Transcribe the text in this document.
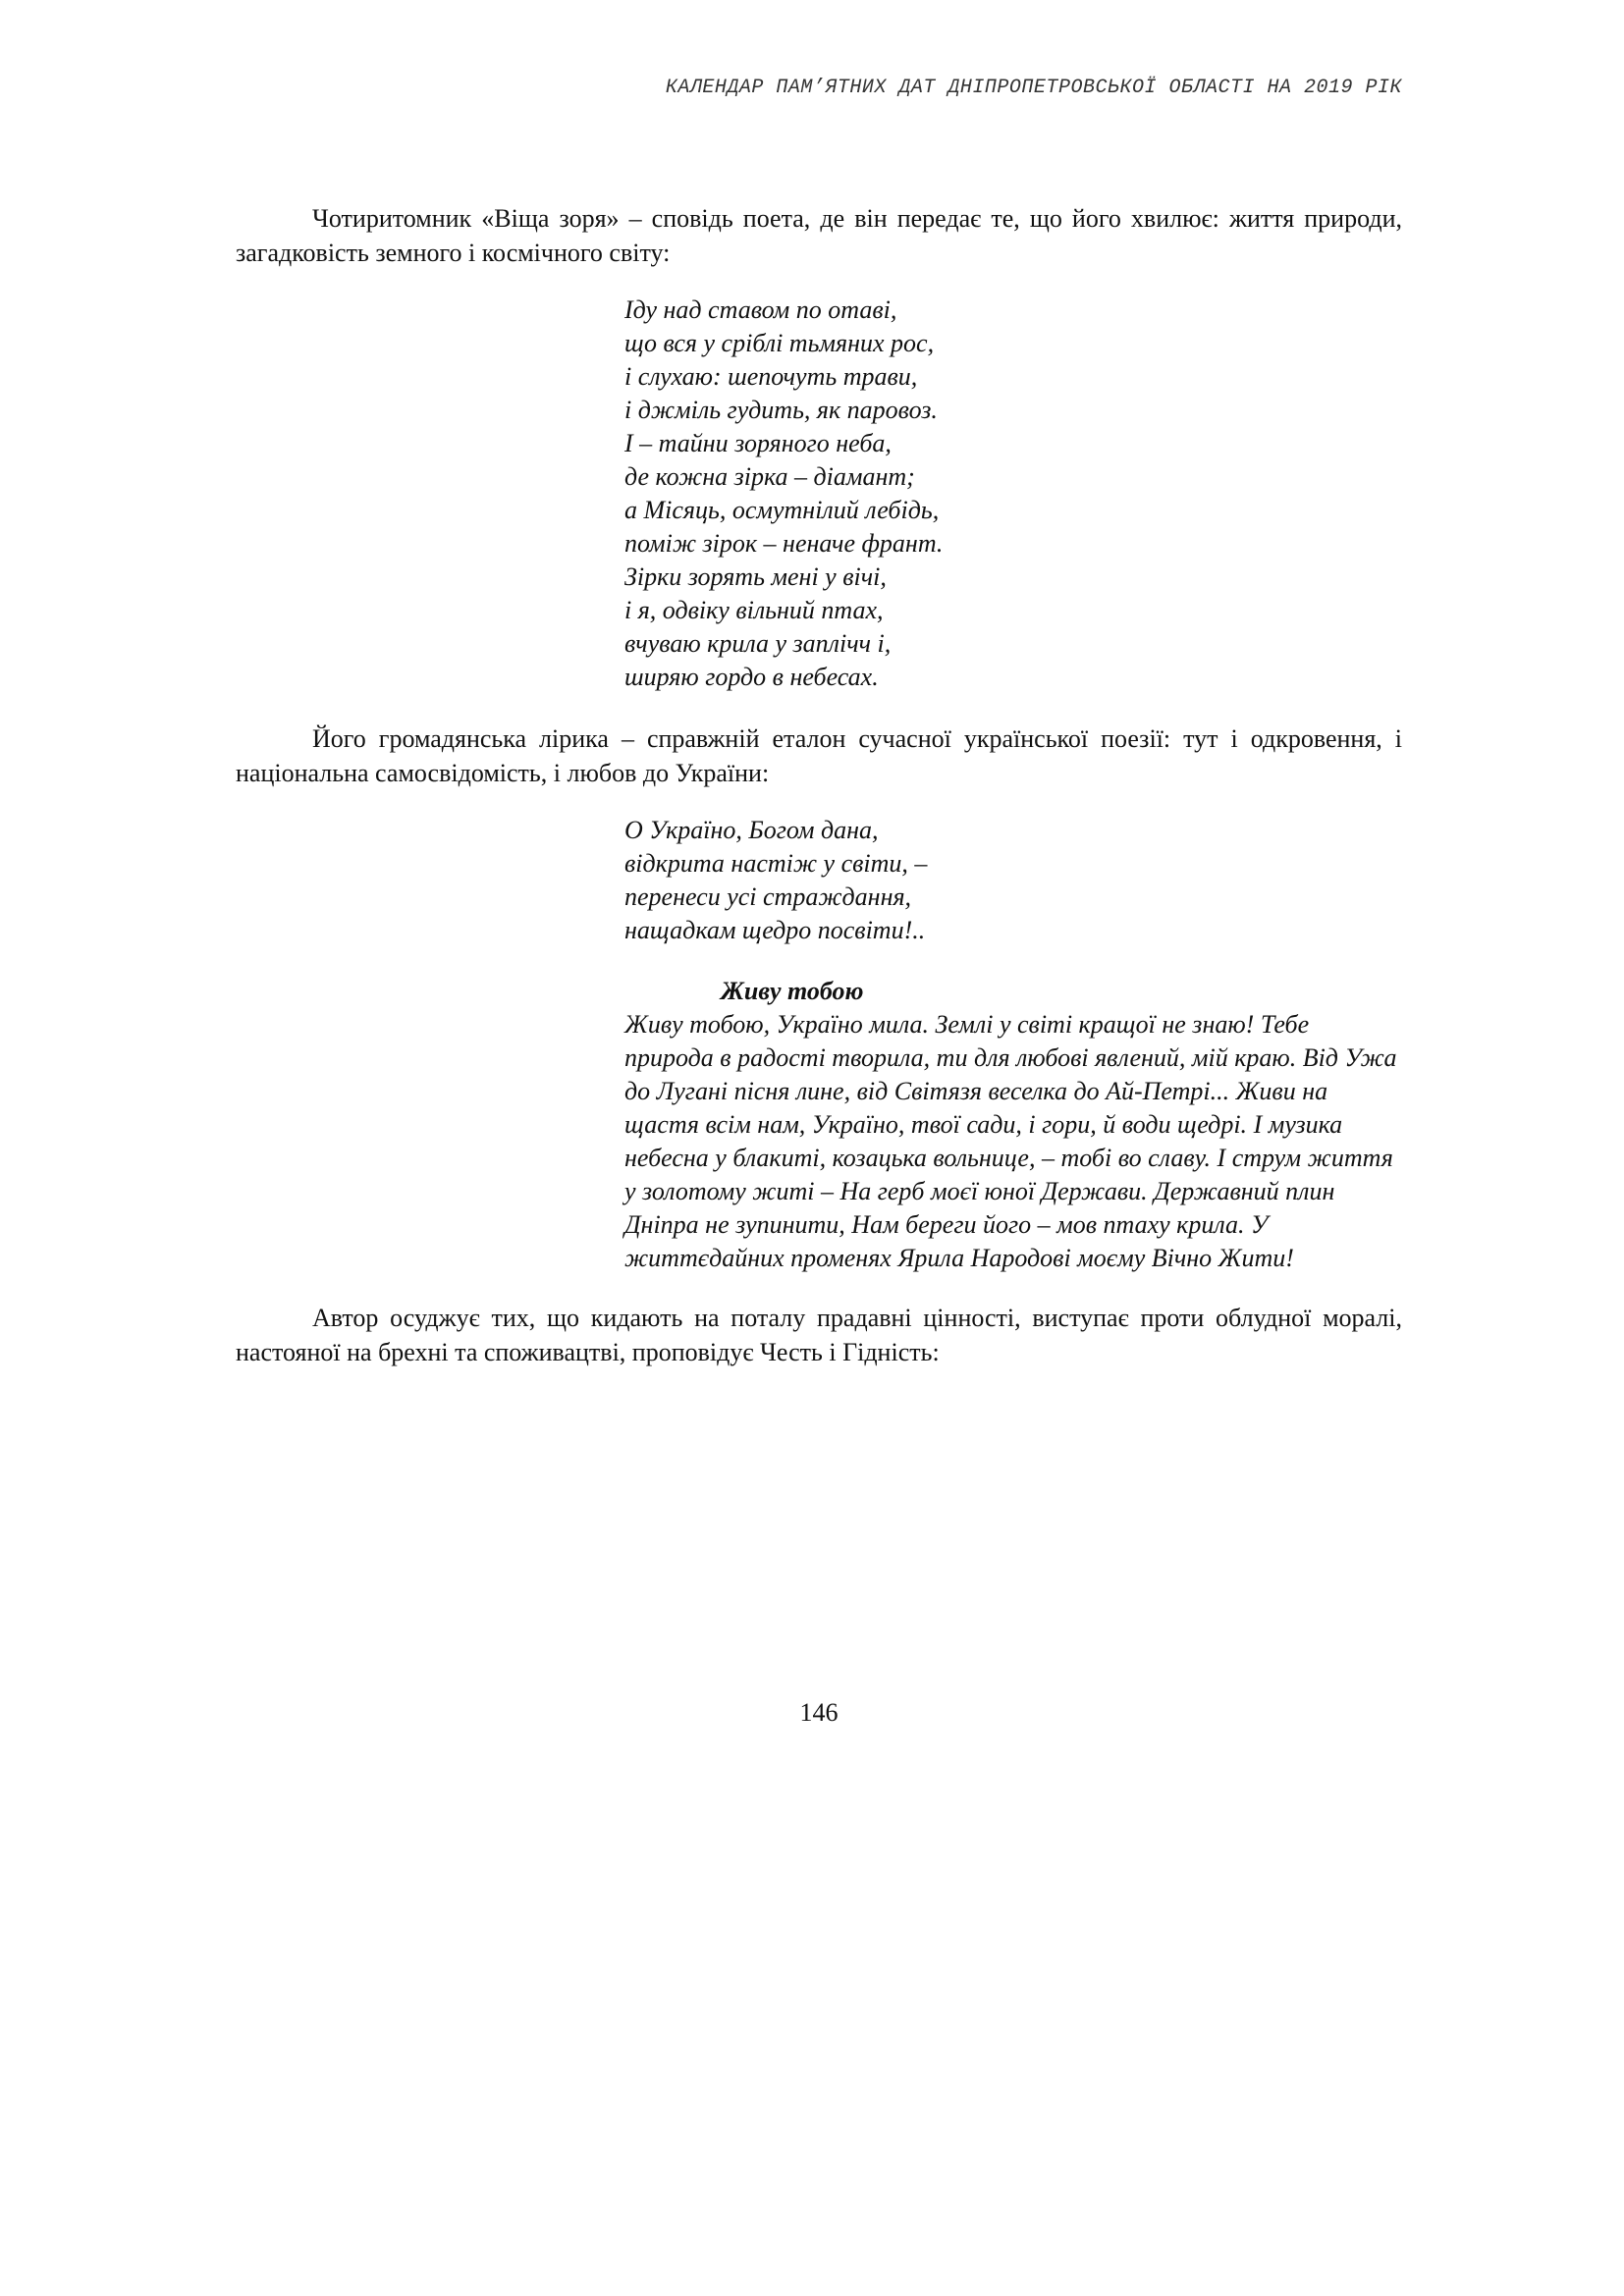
КАЛЕНДАР ПАМ’ЯТНИХ ДАТ ДНІПРОПЕТРОВСЬКОЇ ОБЛАСТІ НА 2019 РІК

Чотиритомник «Віща зоря» – сповідь поета, де він передає те, що його хвилює: життя природи, загадковість земного і космічного світу:

Іду над ставом по отаві,
що вся у сріблі тьмяних рос,
і слухаю: шепочуть трави,
і джміль гудить, як паровоз.
І – тайни зоряного неба,
де кожна зірка – діамант;
а Місяць, осмутнілий лебідь,
поміж зірок – неначе франт.
Зірки зорять мені у вічі,
і я, одвіку вільний птах,
вчуваю крила у заплічч і,
ширяю гордо в небесах.

Його громадянська лірика – справжній еталон сучасної української поезії: тут і одкровення, і національна самосвідомість, і любов до України:

О Україно, Богом дана,
відкрита настіж у світи, –
перенеси усі страждання,
нащадкам щедро посвіти!..
Живу тобою
Живу тобою, Україно мила. Землі у світі кращої не знаю! Тебе природа в радості творила, ти для любові явлений, мій краю. Від Ужа до Лугані пісня лине, від Світязя веселка до Ай-Петрі... Живи на щастя всім нам, Україно, твої сади, і гори, й води щедрі. І музика небесна у блакиті, козацька вольнице, – тобі во славу. І струм життя у золотому житі – На герб моєї юної Держави. Державний плин Дніпра не зупинити, Нам береги його – мов птаху крила. У життєдайних променях Ярила Народові моєму Вічно Жити!

Автор осуджує тих, що кидають на поталу прадавні цінності, виступає проти облудної моралі, настояної на брехні та споживацтві, проповідує Честь і Гідність:

146
